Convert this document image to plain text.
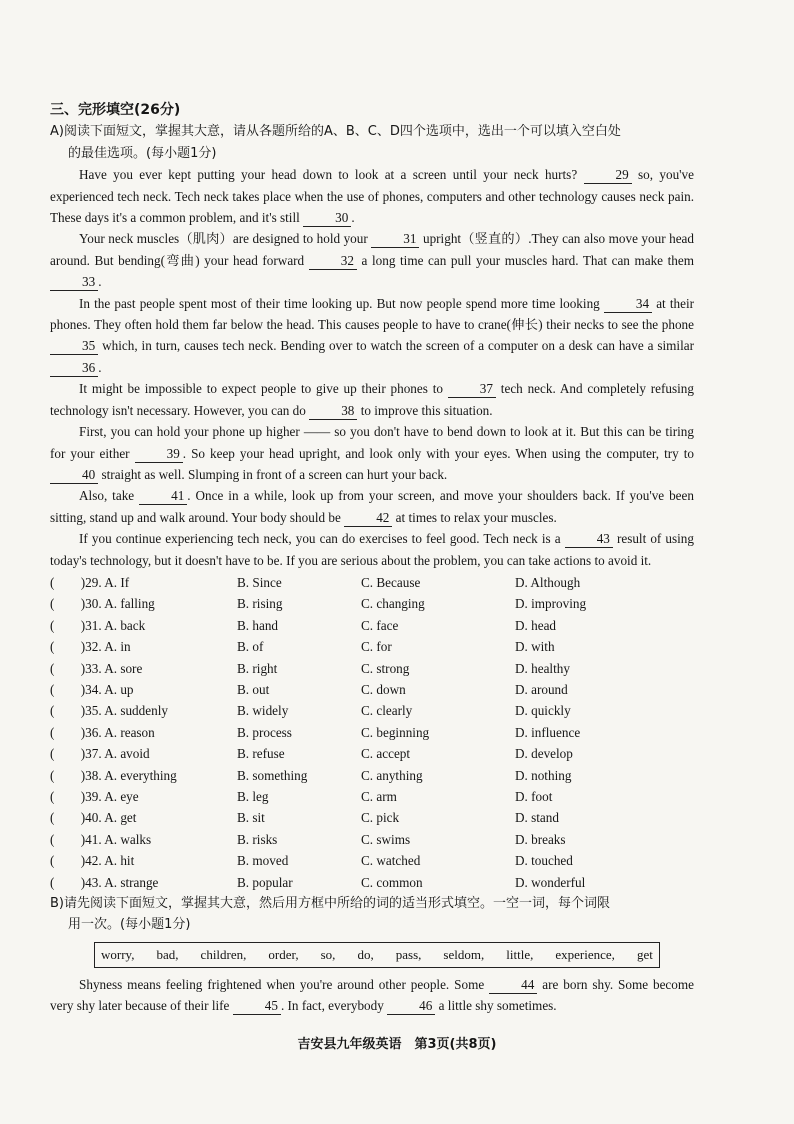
三、完形填空(26分)
A)阅读下面短文，掌握其大意，请从各题所给的A、B、C、D四个选项中，选出一个可以填入空白处
的最佳选项。(每小题1分)

Have you ever kept putting your head down to look at a screen until your neck hurts? 29 so, you've experienced tech neck. Tech neck takes place when the use of phones, computers and other technology causes neck pain. These days it's a common problem, and it's still 30 .

Your neck muscles（肌肉）are designed to hold your 31 upright（竖直的）.They can also move your head around. But bending(弯曲) your head forward 32 a long time can pull your muscles hard. That can make them 33 .

In the past people spent most of their time looking up. But now people spend more time looking 34 at their phones. They often hold them far below the head. This causes people to have to crane(伸长) their necks to see the phone 35 which, in turn, causes tech neck. Bending over to watch the screen of a computer on a desk can have a similar 36 .

It might be impossible to expect people to give up their phones to 37 tech neck. And completely refusing technology isn't necessary. However, you can do 38 to improve this situation.

First, you can hold your phone up higher —— so you don't have to bend down to look at it. But this can be tiring for your either 39 . So keep your head upright, and look only with your eyes. When using the computer, try to 40 straight as well. Slumping in front of a screen can hurt your back.

Also, take 41 . Once in a while, look up from your screen, and move your shoulders back. If you've been sitting, stand up and walk around. Your body should be 42 at times to relax your muscles.

If you continue experiencing tech neck, you can do exercises to feel good. Tech neck is a 43 result of using today's technology, but it doesn't have to be. If you are serious about the problem, you can take actions to avoid it.

(　　)29. A. If	B. Since	C. Because	D. Although
(　　)30. A. falling	B. rising	C. changing	D. improving
(　　)31. A. back	B. hand	C. face	D. head
(　　)32. A. in	B. of	C. for	D. with
(　　)33. A. sore	B. right	C. strong	D. healthy
(　　)34. A. up	B. out	C. down	D. around
(　　)35. A. suddenly	B. widely	C. clearly	D. quickly
(　　)36. A. reason	B. process	C. beginning	D. influence
(　　)37. A. avoid	B. refuse	C. accept	D. develop
(　　)38. A. everything	B. something	C. anything	D. nothing
(　　)39. A. eye	B. leg	C. arm	D. foot
(　　)40. A. get	B. sit	C. pick	D. stand
(　　)41. A. walks	B. risks	C. swims	D. breaks
(　　)42. A. hit	B. moved	C. watched	D. touched
(　　)43. A. strange	B. popular	C. common	D. wonderful
B)请先阅读下面短文，掌握其大意，然后用方框中所给的词的适当形式填空。一空一词，每个词限
用一次。(每小题1分)
worry, bad, children, order, so, do, pass, seldom, little, experience, get

Shyness means feeling frightened when you're around other people. Some 44 are born shy. Some become very shy later because of their life 45 . In fact, everybody 46 a little shy sometimes.

吉安县九年级英语　第3页(共8页)
